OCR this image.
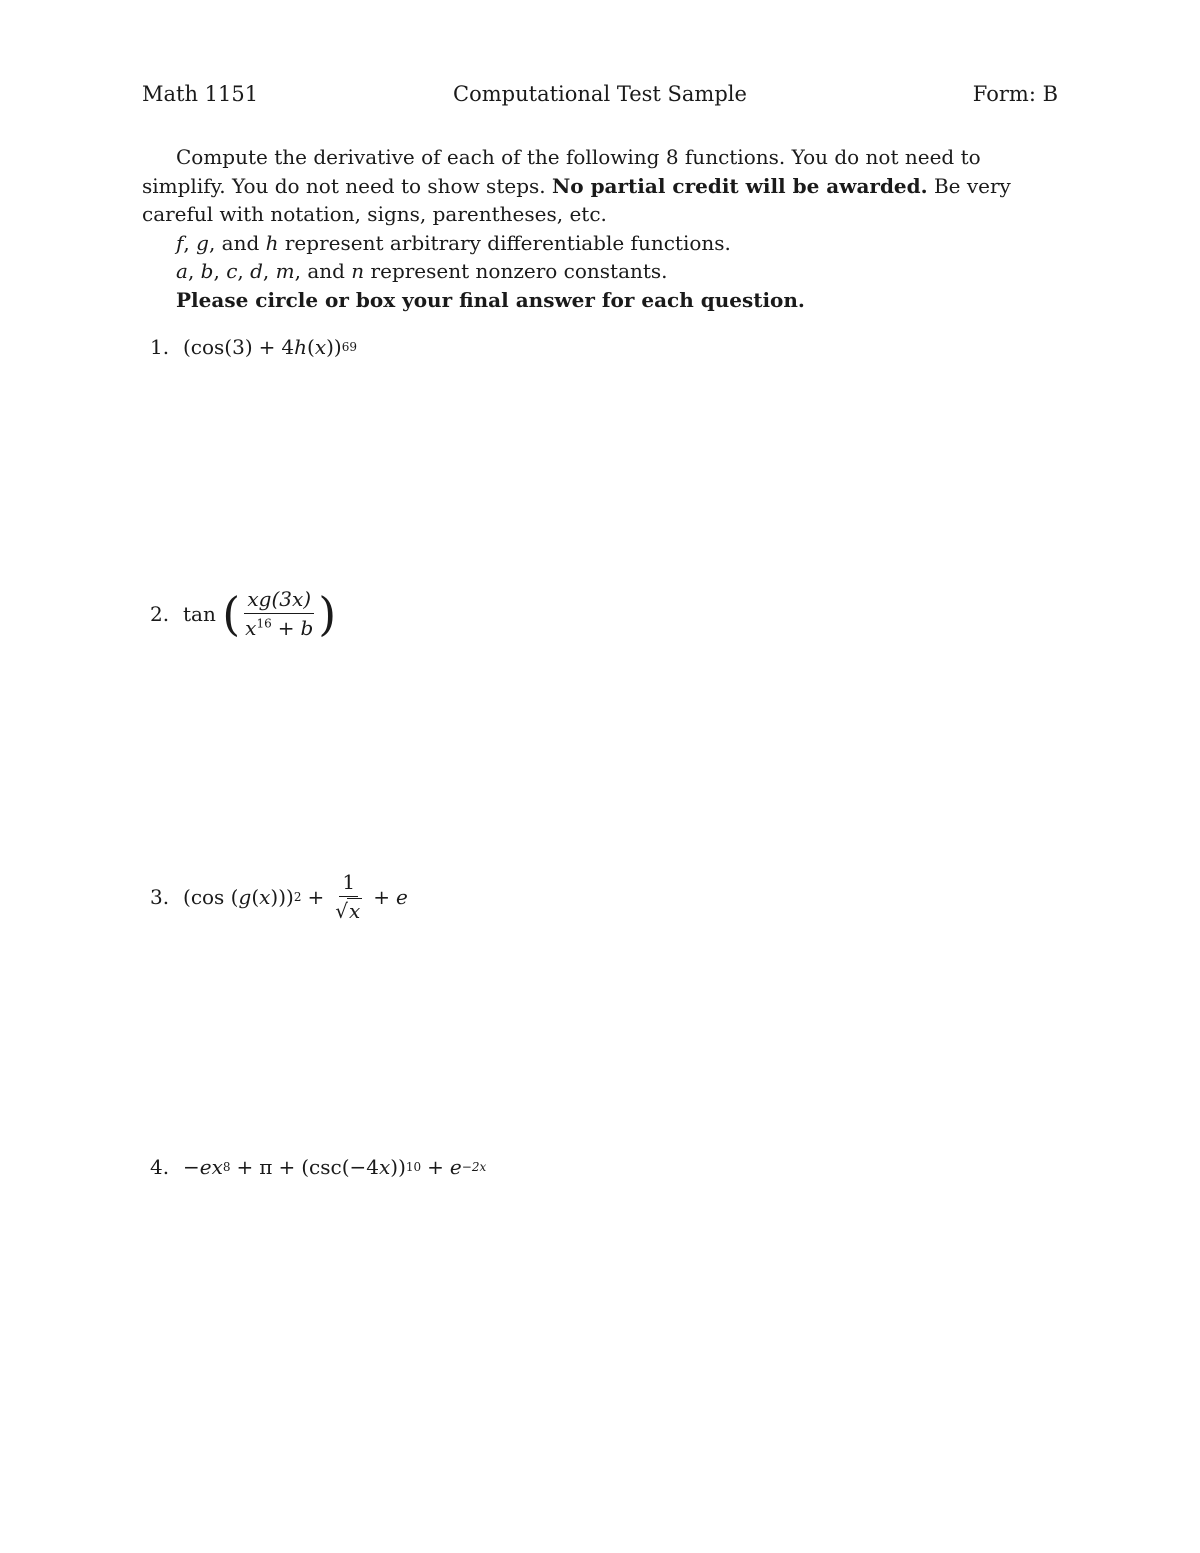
Math 1151	Computational Test Sample	Form: B

Compute the derivative of each of the following 8 functions. You do not need to simplify. You do not need to show steps. No partial credit will be awarded. Be very careful with notation, signs, parentheses, etc.

f, g, and h represent arbitrary differentiable functions.

a, b, c, d, m, and n represent nonzero constants.

Please circle or box your final answer for each question.

1. (cos(3) + 4 h ( x )) 69
2. tan
( $\frac{xg(3x)}{x^{16} + b}$ )
3. ( cos ( g ( x ))) $2 + \frac{1}{√x} + e$
4. − ex 8 + π + (csc(−4 x )) 10 + e −2x
